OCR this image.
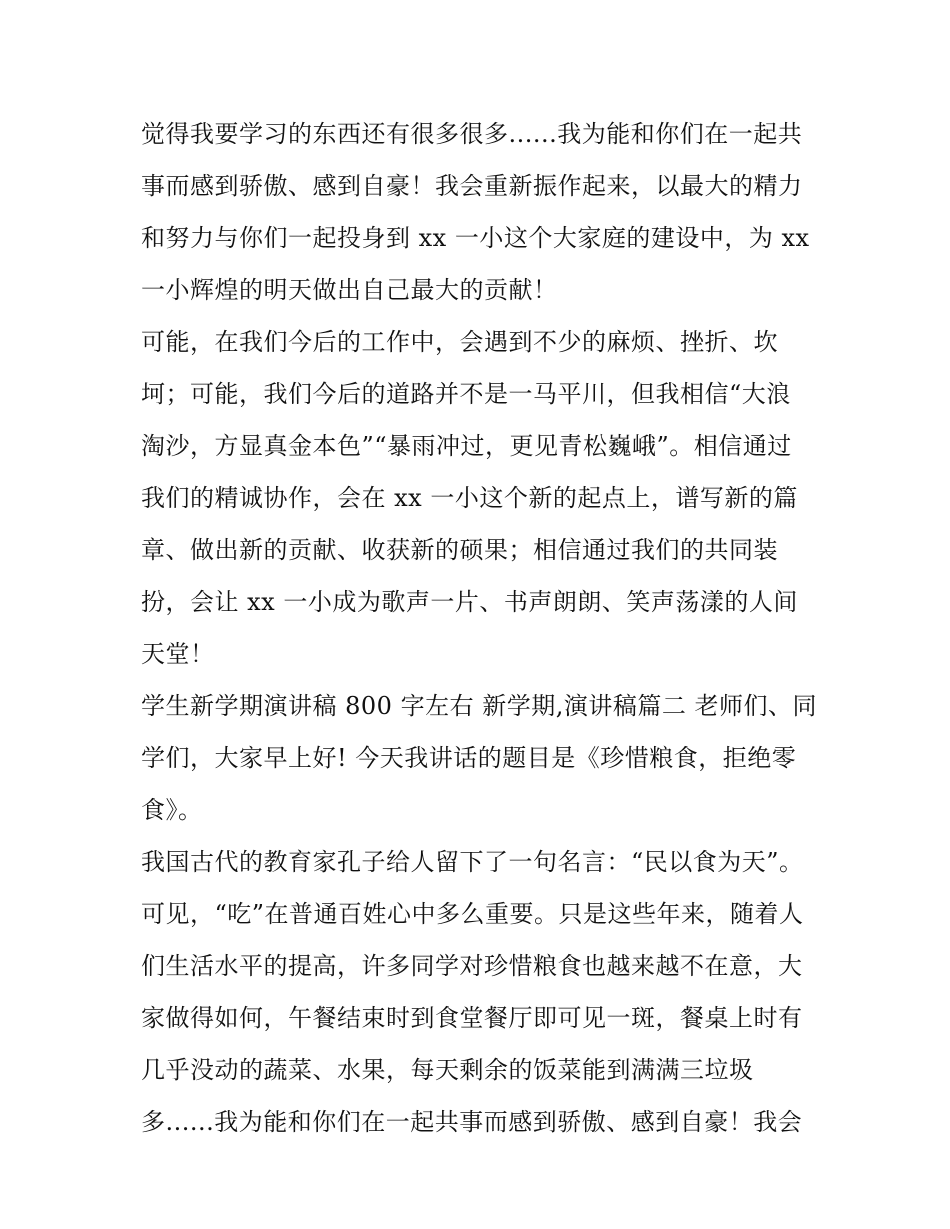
觉得我要学习的东西还有很多很多......我为能和你们在一起共
事而感到骄傲、感到自豪！我会重新振作起来，以最大的精力
和努力与你们一起投身到 xx 一小这个大家庭的建设中，为 xx
一小辉煌的明天做出自己最大的贡献！
可能，在我们今后的工作中，会遇到不少的麻烦、挫折、坎
坷；可能，我们今后的道路并不是一马平川，但我相信“大浪
淘沙，方显真金本色”“暴雨冲过，更见青松巍峨”。相信通过
我们的精诚协作，会在 xx 一小这个新的起点上，谱写新的篇
章、做出新的贡献、收获新的硕果；相信通过我们的共同装
扮，会让 xx 一小成为歌声一片、书声朗朗、笑声荡漾的人间
天堂！
学生新学期演讲稿 800 字左右 新学期,演讲稿篇二 老师们、同
学们，大家早上好! 今天我讲话的题目是《珍惜粮食，拒绝零
食》。
我国古代的教育家孔子给人留下了一句名言：“民以食为天”。
可见，“吃”在普通百姓心中多么重要。只是这些年来，随着人
们生活水平的提高，许多同学对珍惜粮食也越来越不在意，大
家做得如何，午餐结束时到食堂餐厅即可见一斑，餐桌上时有
几乎没动的蔬菜、水果，每天剩余的饭菜能到满满三垃圾
多......我为能和你们在一起共事而感到骄傲、感到自豪！我会
